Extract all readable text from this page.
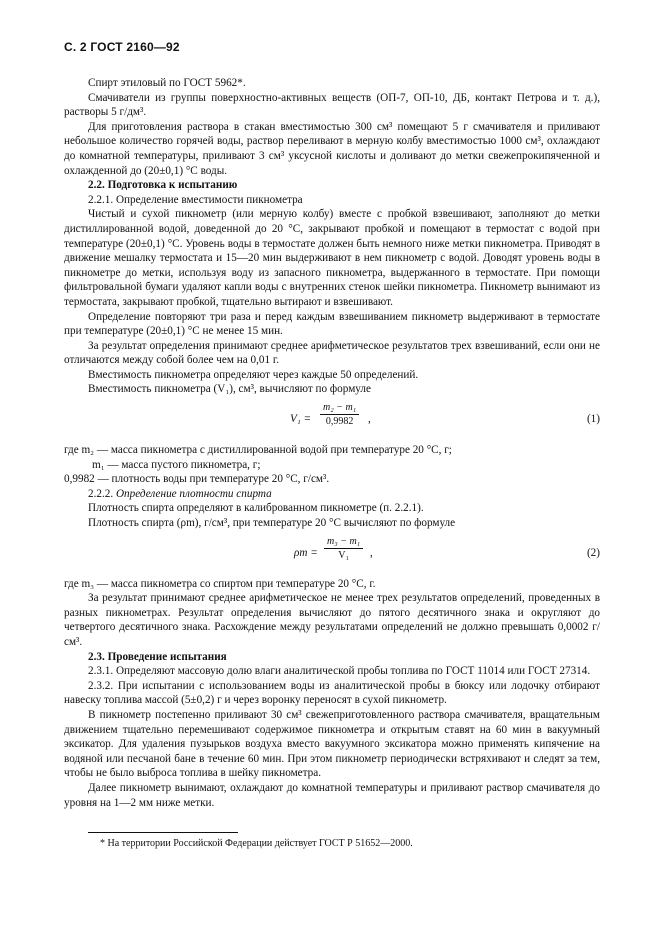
С. 2 ГОСТ 2160—92

Спирт этиловый по ГОСТ 5962*.

Смачиватели из группы поверхностно-активных веществ (ОП-7, ОП-10, ДБ, контакт Петрова и т. д.), растворы 5 г/дм³.

Для приготовления раствора в стакан вместимостью 300 см³ помещают 5 г смачивателя и приливают небольшое количество горячей воды, раствор переливают в мерную колбу вместимостью 1000 см³, охлаждают до комнатной температуры, приливают 3 см³ уксусной кислоты и доливают до метки свежепрокипяченной и охлажденной до (20±0,1) °С воды.

2.2. Подготовка к испытанию

2.2.1. Определение вместимости пикнометра

Чистый и сухой пикнометр (или мерную колбу) вместе с пробкой взвешивают, заполняют до метки дистиллированной водой, доведенной до 20 °С, закрывают пробкой и помещают в термостат с водой при температуре (20±0,1) °С. Уровень воды в термостате должен быть немного ниже метки пикнометра. Приводят в движение мешалку термостата и 15—20 мин выдерживают в нем пикнометр с водой. Доводят уровень воды в пикнометре до метки, используя воду из запасного пикнометра, выдержанного в термостате. При помощи фильтровальной бумаги удаляют капли воды с внутренних стенок шейки пикнометра. Пикнометр вынимают из термостата, закрывают пробкой, тщательно вытирают и взвешивают.

Определение повторяют три раза и перед каждым взвешиванием пикнометр выдерживают в термостате при температуре (20±0,1) °С не менее 15 мин.

За результат определения принимают среднее арифметическое результатов трех взвешиваний, если они не отличаются между собой более чем на 0,01 г.

Вместимость пикнометра определяют через каждые 50 определений.

Вместимость пикнометра (V₁), см³, вычисляют по формуле

$V_1 = \frac{\text{m₂ − m₁}}{0,9982}$ ,	(1)

где m₂ — масса пикнометра с дистиллированной водой при температуре 20 °С, г;

m₁ — масса пустого пикнометра, г;

0,9982 — плотность воды при температуре 20 °С, г/см³.

2.2.2. Определение плотности спирта

Плотность спирта определяют в калиброванном пикнометре (п. 2.2.1).

Плотность спирта (ρm), г/см³, при температуре 20 °С вычисляют по формуле

$\rho m = \frac{\text{m₃ − m₁}}{\text{V₁}}$ ,	(2)

где m₃ — масса пикнометра со спиртом при температуре 20 °С, г.

За результат принимают среднее арифметическое не менее трех результатов определений, проведенных в разных пикнометрах. Результат определения вычисляют до пятого десятичного знака и округляют до четвертого десятичного знака. Расхождение между результатами определений не должно превышать 0,0002 г/см³.

2.3. Проведение испытания

2.3.1. Определяют массовую долю влаги аналитической пробы топлива по ГОСТ 11014 или ГОСТ 27314.

2.3.2. При испытании с использованием воды из аналитической пробы в бюксу или лодочку отбирают навеску топлива массой (5±0,2) г и через воронку переносят в сухой пикнометр.

В пикнометр постепенно приливают 30 см³ свежеприготовленного раствора смачивателя, вращательным движением тщательно перемешивают содержимое пикнометра и открытым ставят на 60 мин в вакуумный эксикатор. Для удаления пузырьков воздуха вместо вакуумного эксикатора можно применять кипячение на водяной или песчаной бане в течение 60 мин. При этом пикнометр периодически встряхивают и следят за тем, чтобы не было выброса топлива в шейку пикнометра.

Далее пикнометр вынимают, охлаждают до комнатной температуры и приливают раствор смачивателя до уровня на 1—2 мм ниже метки.

* На территории Российской Федерации действует ГОСТ Р 51652—2000.
